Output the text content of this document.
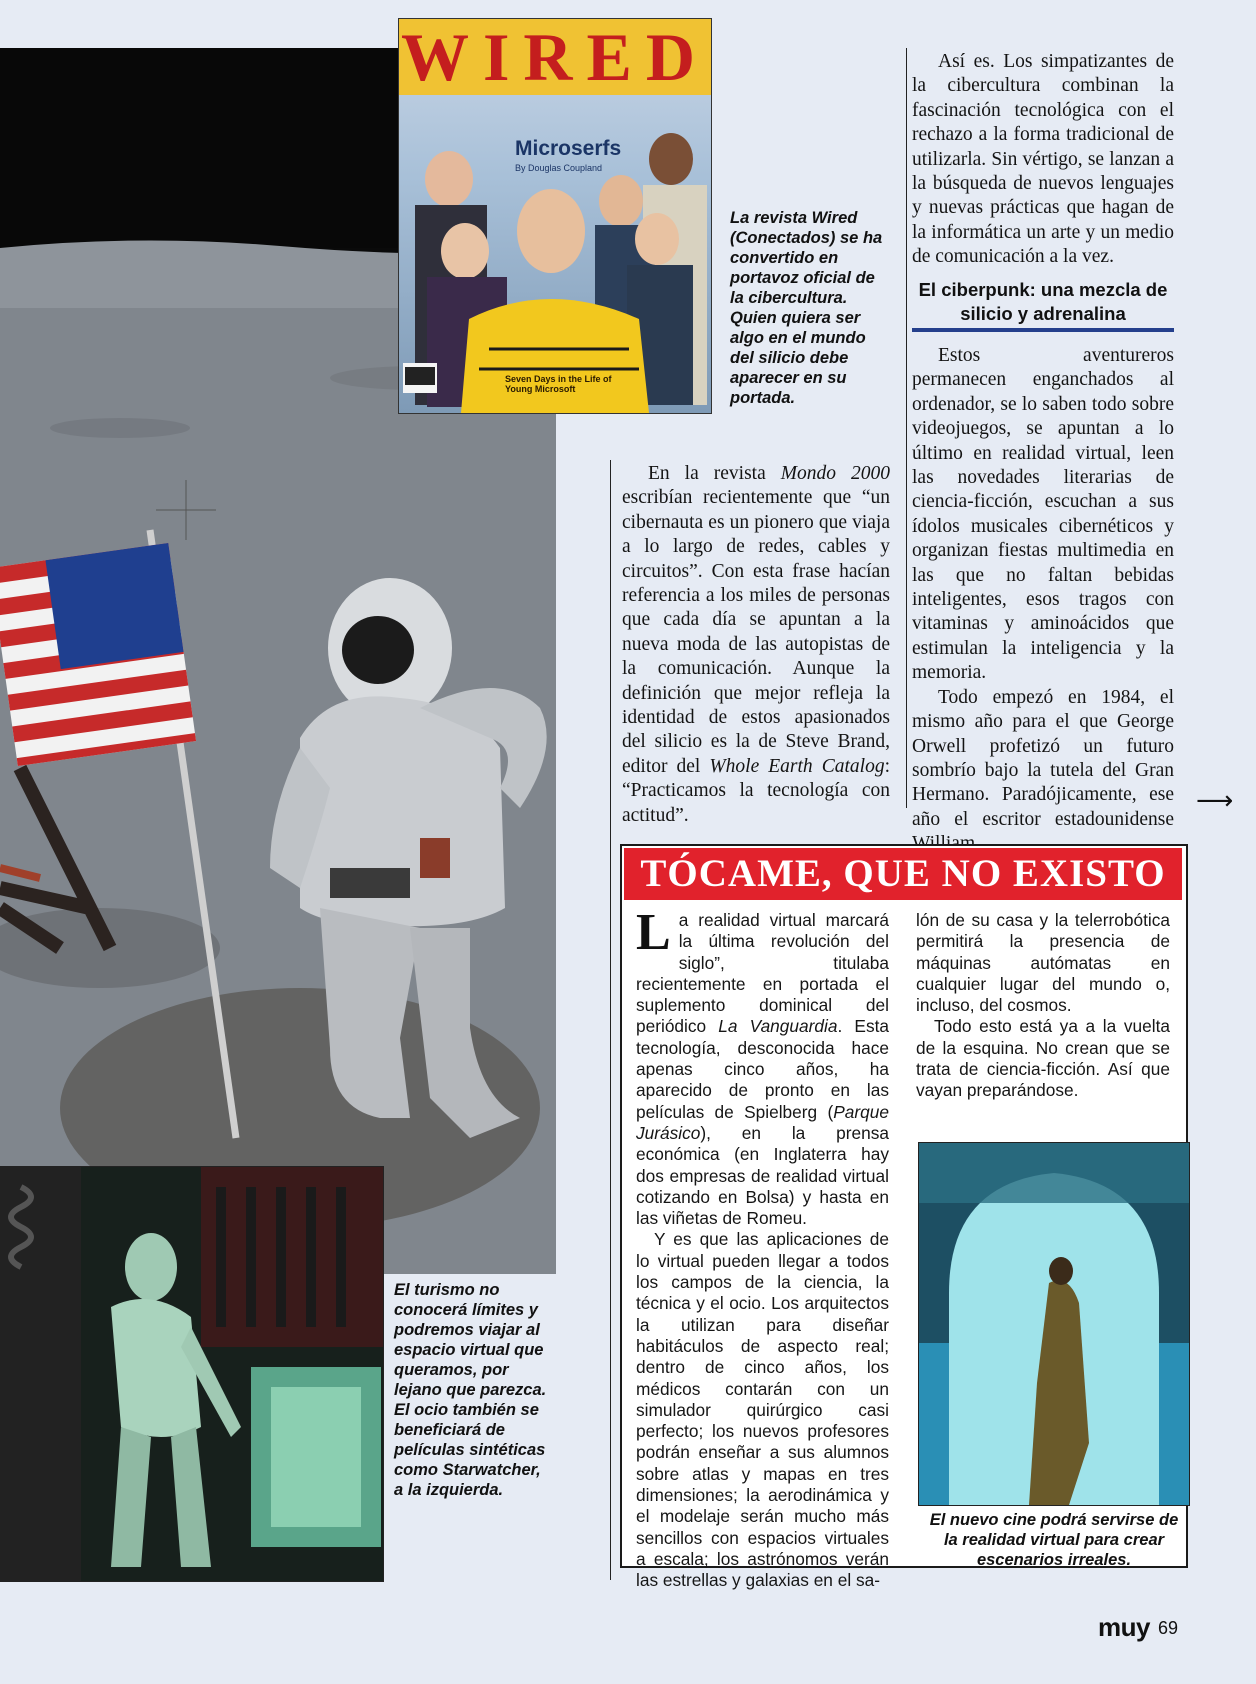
WIRED
Microserfs
By Douglas Coupland
Seven Days in the Life of Young Microsoft
La revista Wired (Conectados) se ha convertido en portavoz oficial de la cibercultura. Quien quiera ser algo en el mundo del silicio debe aparecer en su portada.

Así es. Los simpatizantes de la cibercultura combinan la fascinación tecnológica con el rechazo a la forma tradicional de utilizarla. Sin vértigo, se lanzan a la búsqueda de nuevos lenguajes y nuevas prácticas que hagan de la informática un arte y un medio de comunicación a la vez.

El ciberpunk: una mezcla de silicio y adrenalina

Estos aventureros permanecen enganchados al ordenador, se lo saben todo sobre videojuegos, se apuntan a lo último en realidad virtual, leen las novedades literarias de ciencia-ficción, escuchan a sus ídolos musicales cibernéticos y organizan fiestas multimedia en las que no faltan bebidas inteligentes, esos tragos con vitaminas y aminoácidos que estimulan la inteligencia y la memoria.

Todo empezó en 1984, el mismo año para el que George Orwell profetizó un futuro sombrío bajo la tutela del Gran Hermano. Paradójicamente, ese año el escritor estadounidense

⟶

En la revista Mondo 2000 escribían recientemente que “un cibernauta es un pionero que viaja a lo largo de redes, cables y circuitos”. Con esta frase hacían referencia a los miles de personas que cada día se apuntan a la nueva moda de las autopistas de la comunicación. Aunque la definición que mejor refleja la identidad de estos apasionados del silicio es la de Steve Brand, editor del Whole Earth Catalog: “Practicamos la tecnología con actitud”.

TÓCAME, QUE NO EXISTO

La realidad virtual marcará la última revolución del siglo”, titulaba recientemente en portada el suplemento dominical del periódico La Vanguardia. Esta tecnología, desconocida hace apenas cinco años, ha aparecido de pronto en las películas de Spielberg (Parque Jurásico), en la prensa económica (en Inglaterra hay dos empresas de realidad virtual cotizando en Bolsa) y hasta en las viñetas de Romeu.

Y es que las aplicaciones de lo virtual pueden llegar a todos los campos de la ciencia, la técnica y el ocio. Los arquitectos la utilizan para diseñar habitáculos de aspecto real; dentro de cinco años, los médicos contarán con un simulador quirúrgico casi perfecto; los nuevos profesores podrán enseñar a sus alumnos sobre atlas y mapas en tres dimensiones; la aerodinámica y el modelaje serán mucho más sencillos con espacios virtuales a escala; los astrónomos verán las estrellas y galaxias en el sa-

lón de su casa y la telerrobótica permitirá la presencia de máquinas autómatas en cualquier lugar del mundo o, incluso, del cosmos.

Todo esto está ya a la vuelta de la esquina. No crean que se trata de ciencia-ficción. Así que vayan preparándose.

El nuevo cine podrá servirse de la realidad virtual para crear escenarios irreales.
El turismo no conocerá límites y podremos viajar al espacio virtual que queramos, por lejano que parezca. El ocio también se beneficiará de películas sintéticas como Starwatcher, a la izquierda.
muy 69
